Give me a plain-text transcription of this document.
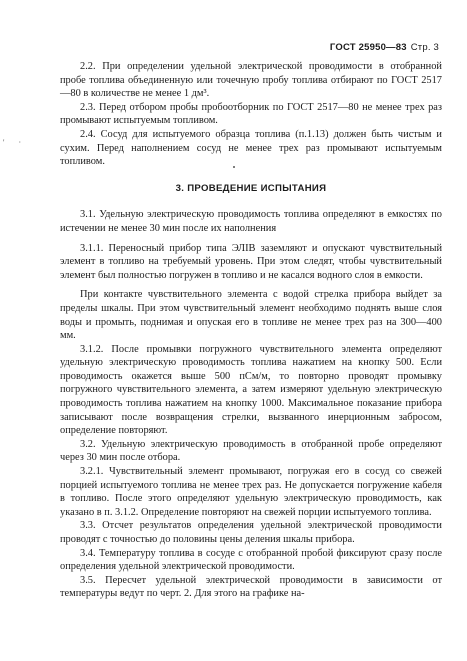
ГОСТ 25950—83 Стр. 3
' ·

2.2. При определении удельной электрической проводимости в отобранной пробе топлива объединенную или точечную пробу топлива отбирают по ГОСТ 2517—80 в количестве не менее 1 дм³.

2.3. Перед отбором пробы пробоотборник по ГОСТ 2517—80 не менее трех раз промывают испытуемым топливом.

2.4. Сосуд для испытуемого образца топлива (п.1.13) должен быть чистым и сухим. Перед наполнением сосуд не менее трех раз промывают испытуемым топливом.

3. ПРОВЕДЕНИЕ ИСПЫТАНИЯ

3.1. Удельную электрическую проводимость топлива определяют в емкостях по истечении не менее 30 мин после их наполнения

3.1.1. Переносный прибор типа ЭЛIВ заземляют и опускают чувствительный элемент в топливо на требуемый уровень. При этом следят, чтобы чувствительный элемент был полностью погружен в топливо и не касался водного слоя в емкости.

При контакте чувствительного элемента с водой стрелка прибора выйдет за пределы шкалы. При этом чувствительный элемент необходимо поднять выше слоя воды и промыть, поднимая и опуская его в топливе не менее трех раз на 300—400 мм.

3.1.2. После промывки погружного чувствительного элемента определяют удельную электрическую проводимость топлива нажатием на кнопку 500. Если проводимость окажется выше 500 пСм/м, то повторно проводят промывку погружного чувствительного элемента, а затем измеряют удельную электрическую проводимость топлива нажатием на кнопку 1000. Максимальное показание прибора записывают после возвращения стрелки, вызванного инерционным забросом, определение повторяют.

3.2. Удельную электрическую проводимость в отобранной пробе определяют через 30 мин после отбора.

3.2.1. Чувствительный элемент промывают, погружая его в сосуд со свежей порцией испытуемого топлива не менее трех раз. Не допускается погружение кабеля в топливо. После этого определяют удельную электрическую проводимость, как указано в п. 3.1.2. Определение повторяют на свежей порции испытуемого топлива.

3.3. Отсчет результатов определения удельной электрической проводимости проводят с точностью до половины цены деления шкалы прибора.

3.4. Температуру топлива в сосуде с отобранной пробой фиксируют сразу после определения удельной электрической проводимости.

3.5. Пересчет удельной электрической проводимости в зависимости от температуры ведут по черт. 2. Для этого на графике на-
